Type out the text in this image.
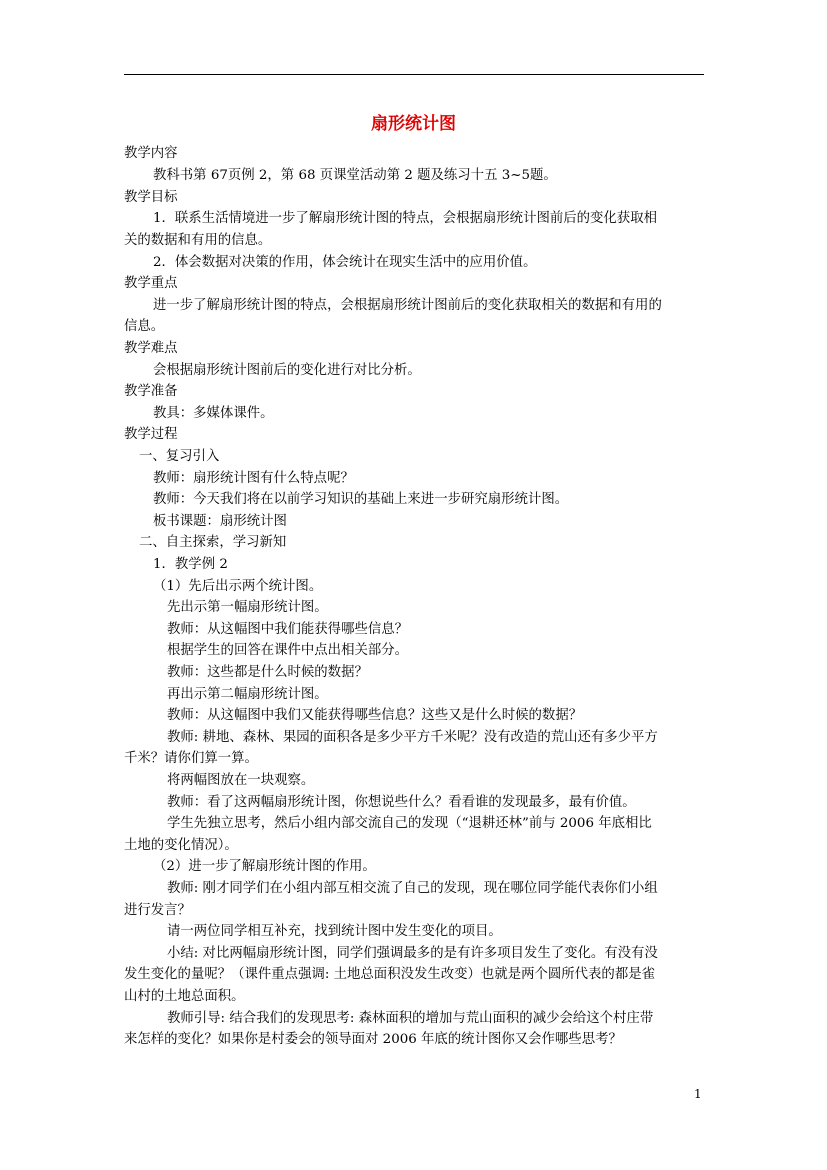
扇形统计图
教学内容
教科书第 67页例 2，第 68 页课堂活动第 2 题及练习十五 3~5题。
教学目标
1．联系生活情境进一步了解扇形统计图的特点，会根据扇形统计图前后的变化获取相
关的数据和有用的信息。
2．体会数据对决策的作用，体会统计在现实生活中的应用价值。
教学重点
进一步了解扇形统计图的特点，会根据扇形统计图前后的变化获取相关的数据和有用的
信息。
教学难点
会根据扇形统计图前后的变化进行对比分析。
教学准备
教具：多媒体课件。
教学过程
一、复习引入
教师：扇形统计图有什么特点呢？
教师：今天我们将在以前学习知识的基础上来进一步研究扇形统计图。
板书课题：扇形统计图
二、自主探索，学习新知
1．教学例 2
（1）先后出示两个统计图。
先出示第一幅扇形统计图。
教师：从这幅图中我们能获得哪些信息？
根据学生的回答在课件中点出相关部分。
教师：这些都是什么时候的数据？
再出示第二幅扇形统计图。
教师：从这幅图中我们又能获得哪些信息？这些又是什么时候的数据？
教师: 耕地、森林、果园的面积各是多少平方千米呢？没有改造的荒山还有多少平方
千米？请你们算一算。
将两幅图放在一块观察。
教师：看了这两幅扇形统计图，你想说些什么？看看谁的发现最多，最有价值。
学生先独立思考，然后小组内部交流自己的发现（“退耕还林”前与 2006 年底相比
土地的变化情况）。
（2）进一步了解扇形统计图的作用。
教师: 刚才同学们在小组内部互相交流了自己的发现，现在哪位同学能代表你们小组
进行发言？
请一两位同学相互补充，找到统计图中发生变化的项目。
小结: 对比两幅扇形统计图，同学们强调最多的是有许多项目发生了变化。有没有没
发生变化的量呢？（课件重点强调: 土地总面积没发生改变）也就是两个圆所代表的都是雀
山村的土地总面积。
教师引导: 结合我们的发现思考: 森林面积的增加与荒山面积的减少会给这个村庄带
来怎样的变化？如果你是村委会的领导面对 2006 年底的统计图你又会作哪些思考？
1
